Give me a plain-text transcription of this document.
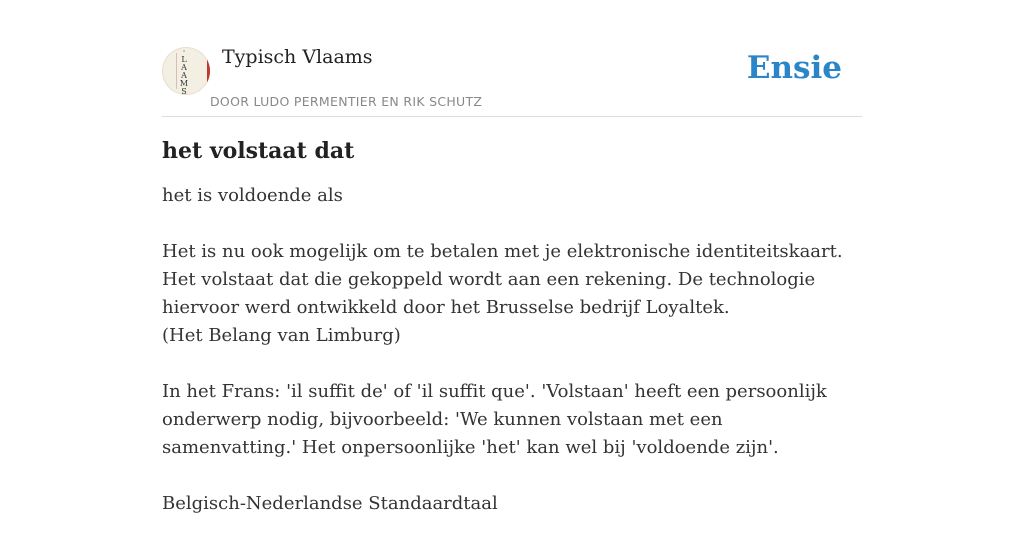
·
L
A
A
M
S
Typisch Vlaams
DOOR LUDO PERMENTIER EN RIK SCHUTZ
Ensie
het volstaat dat

het is voldoende als

Het is nu ook mogelijk om te betalen met je elektronische identiteitskaart. Het volstaat dat die gekoppeld wordt aan een rekening. De technologie hiervoor werd ontwikkeld door het Brusselse bedrijf Loyaltek.
(Het Belang van Limburg)

In het Frans: 'il suffit de' of 'il suffit que'. 'Volstaan' heeft een persoonlijk onderwerp nodig, bijvoorbeeld: 'We kunnen volstaan met een samenvatting.' Het onpersoonlijke 'het' kan wel bij 'voldoende zijn'.

Belgisch-Nederlandse Standaardtaal
